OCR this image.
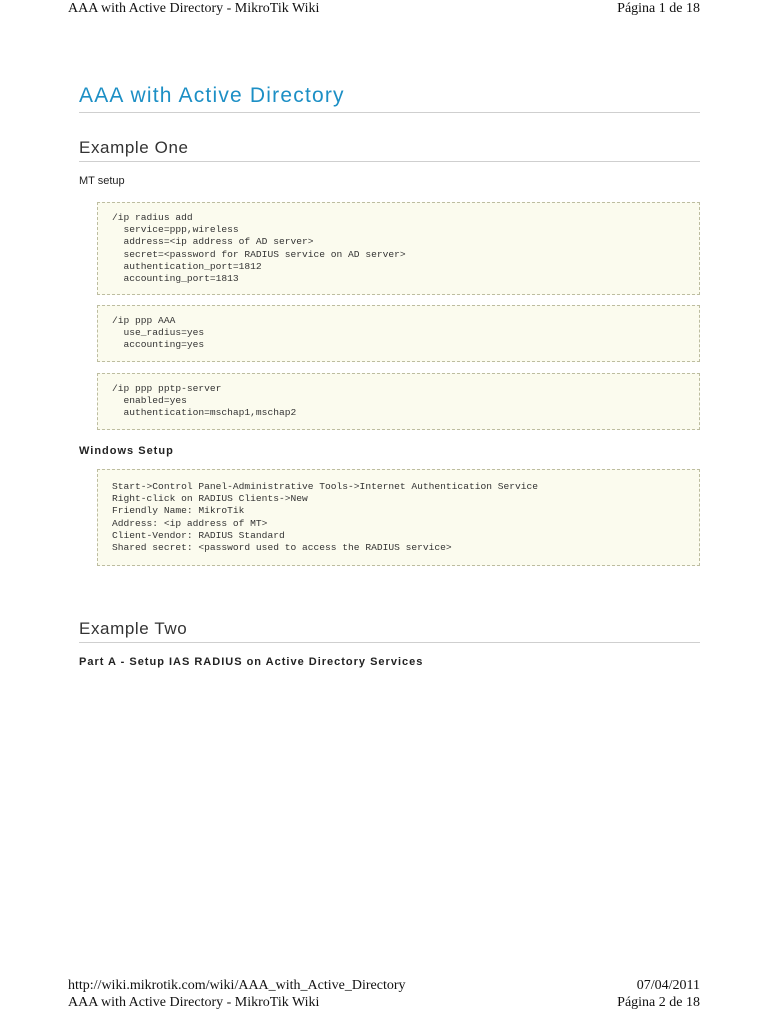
AAA with Active Directory - MikroTik Wiki	Página 1 de 18
AAA with Active Directory
Example One
MT setup
/ip radius add
service=ppp,wireless
address=<ip address of AD server>
secret=<password for RADIUS service on AD server>
authentication_port=1812
accounting_port=1813
/ip ppp AAA
use_radius=yes
accounting=yes
/ip ppp pptp-server
enabled=yes
authentication=mschap1,mschap2
Windows Setup
Start->Control Panel-Administrative Tools->Internet Authentication Service
Right-click on RADIUS Clients->New
Friendly Name: MikroTik
Address: <ip address of MT>
Client-Vendor: RADIUS Standard
Shared secret: <password used to access the RADIUS service>
Example Two
Part A - Setup IAS RADIUS on Active Directory Services
http://wiki.mikrotik.com/wiki/AAA_with_Active_Directory	07/04/2011
AAA with Active Directory - MikroTik Wiki	Página 2 de 18
